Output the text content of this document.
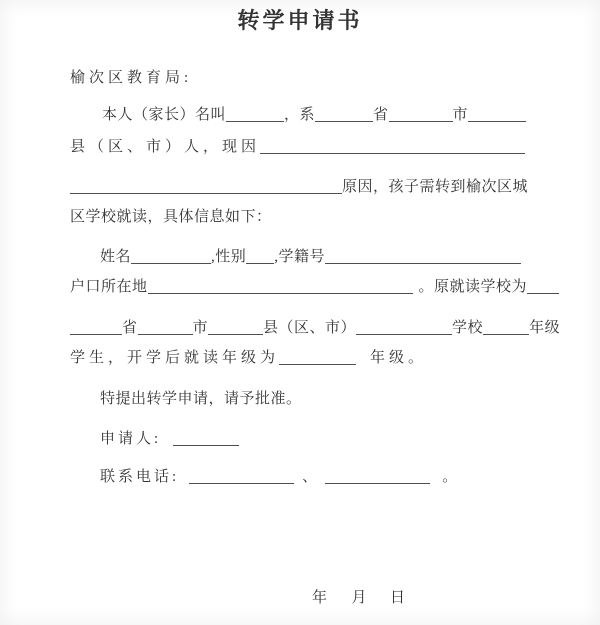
转学申请书
榆次区教育局:
本人（家长）名叫	，系	省	市
县（区、市）人，现因
原因，孩子需转到榆次区城
区学校就读，具体信息如下：
姓名	,性别 ,学籍号
户口所在地	。原就读学校为
省	市	县（区、市）	学校	年级
学生，开学后就读年级为	年级。
特提出转学申请，请予批准。
申请人:
联系电话:	、	。
年 月 日
